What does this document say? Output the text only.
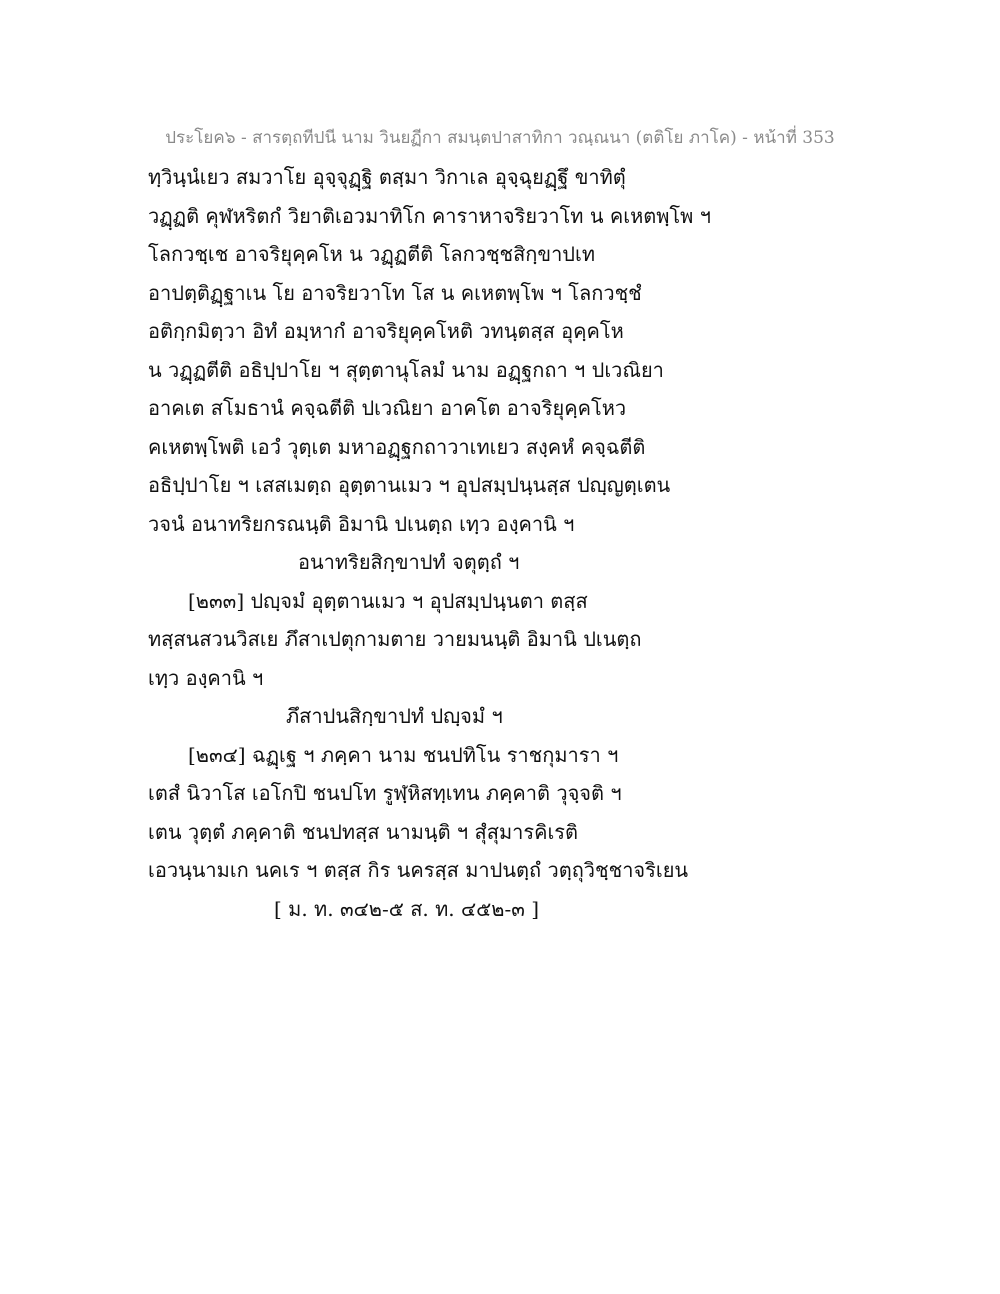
ประโยค๖ - สารตฺถทีปนี นาม วินยฏีกา สมนฺตปาสาทิกา วณฺณนา (ตติโย ภาโค) - หน้าที่ 353
ทฺวินฺนํเยว สมวาโย อุจฺจุฏฺฐิ ตสฺมา วิกาเล อุจฺฉุยฏฺฐึ ขาทิตุํ
วฏฺฏติ คุฬหริตกํ วิยาติเอวมาทิโก คาราหาจริยวาโท น คเหตพฺโพ ฯ
โลกวชฺเช อาจริยุคฺคโห น วฏฺฏตีติ โลกวชฺชสิกฺขาปเท
อาปตฺติฏฺฐาเน โย อาจริยวาโท โส น คเหตพฺโพ ฯ โลกวชฺชํ
อติกฺกมิตฺวา อิทํ อมฺหากํ อาจริยุคฺคโหติ วทนฺตสฺส อุคฺคโห
น วฏฺฏตีติ อธิปฺปาโย ฯ สุตฺตานุโลมํ นาม อฏฺฐกถา ฯ ปเวณิยา
อาคเต สโมธานํ คจฺฉตีติ ปเวณิยา อาคโต อาจริยุคฺคโหว
คเหตพฺโพติ เอวํ วุตฺเต มหาอฏฺฐกถาวาเทเยว สงฺคหํ คจฺฉตีติ
อธิปฺปาโย ฯ เสสเมตฺถ อุตฺตานเมว ฯ อุปสมฺปนฺนสฺส ปญฺญตฺเตน
วจนํ อนาทริยกรณนฺติ อิมานิ ปเนตฺถ เทฺว องฺคานิ ฯ
อนาทริยสิกฺขาปทํ จตุตฺถํ ฯ
[๒๓๓] ปญฺจมํ อุตฺตานเมว ฯ อุปสมฺปนฺนตา ตสฺส
ทสฺสนสวนวิสเย ภึสาเปตุกามตาย วายมนนฺติ อิมานิ ปเนตฺถ
เทฺว องฺคานิ ฯ
ภึสาปนสิกฺขาปทํ ปญฺจมํ ฯ
[๒๓๔] ฉฏฺเฐ ฯ ภคฺคา นาม ชนปทิโน ราชกุมารา ฯ
เตสํ นิวาโส เอโกปิ ชนปโท รูฬฺหิสทฺเทน ภคฺคาติ วุจฺจติ ฯ
เตน วุตฺตํ ภคฺคาติ ชนปทสฺส นามนฺติ ฯ สุํสุมารคิเรติ
เอวนฺนามเก นคเร ฯ ตสฺส กิร นครสฺส มาปนตฺถํ วตฺถุวิชฺชาจริเยน
[ ม. ท. ๓๔๒-๕ ส. ท. ๔๕๒-๓ ]
